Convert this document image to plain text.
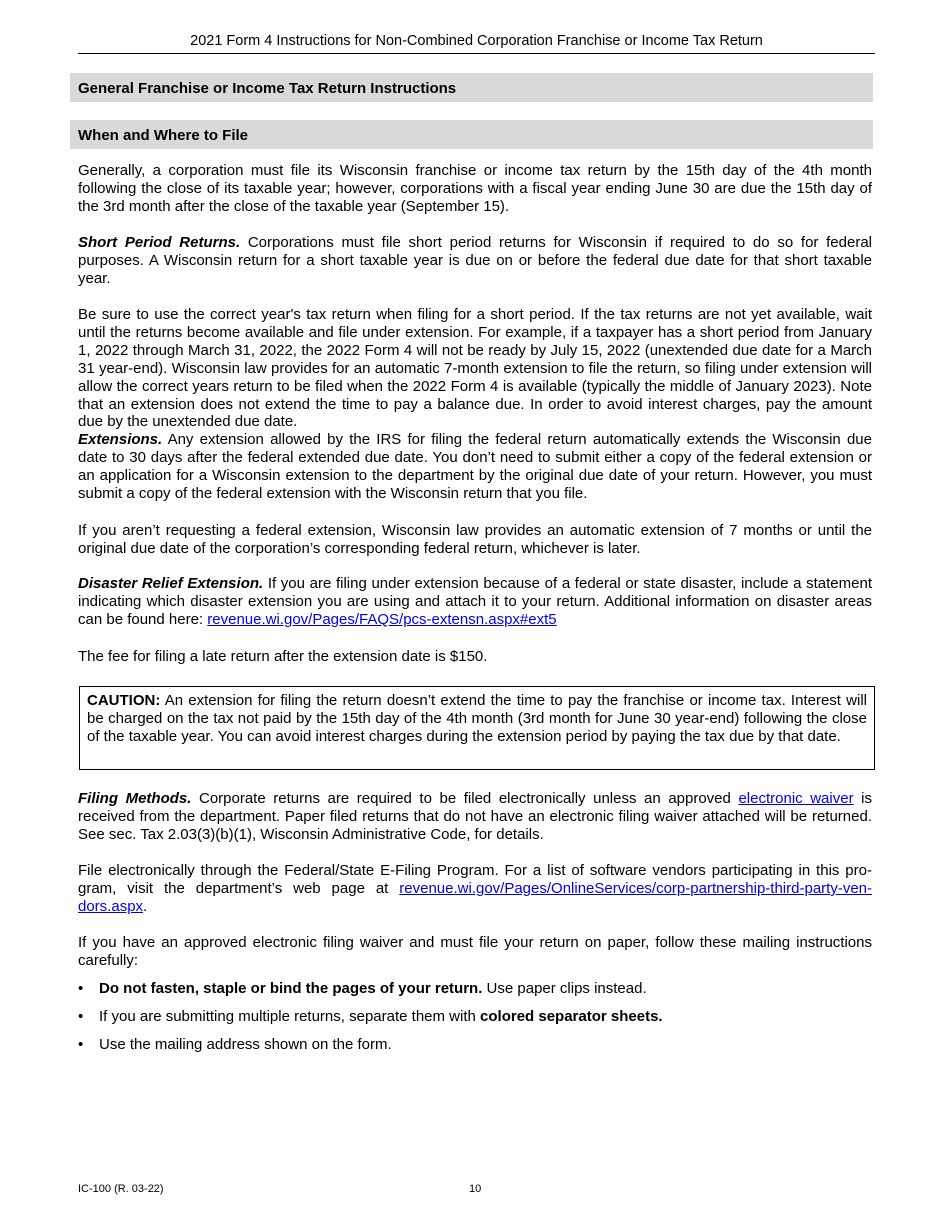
2021 Form 4 Instructions for Non-Combined Corporation Franchise or Income Tax Return
General Franchise or Income Tax Return Instructions
When and Where to File

Generally, a corporation must file its Wisconsin franchise or income tax return by the 15th day of the 4th month following the close of its taxable year; however, corporations with a fiscal year ending June 30 are due the 15th day of the 3rd month after the close of the taxable year (September 15).

Short Period Returns. Corporations must file short period returns for Wisconsin if required to do so for federal purposes. A Wisconsin return for a short taxable year is due on or before the federal due date for that short taxable year.

Be sure to use the correct year's tax return when filing for a short period. If the tax returns are not yet available, wait until the returns become available and file under extension. For example, if a taxpayer has a short period from January 1, 2022 through March 31, 2022, the 2022 Form 4 will not be ready by July 15, 2022 (unextended due date for a March 31 year-end). Wisconsin law provides for an automatic 7-month extension to file the return, so filing under extension will allow the correct years return to be filed when the 2022 Form 4 is available (typically the middle of January 2023). Note that an extension does not extend the time to pay a balance due. In order to avoid interest charges, pay the amount due by the unextended due date.

Extensions. Any extension allowed by the IRS for filing the federal return automatically extends the Wisconsin due date to 30 days after the federal extended due date. You don’t need to submit either a copy of the federal extension or an application for a Wisconsin extension to the department by the original due date of your return. However, you must submit a copy of the federal extension with the Wisconsin return that you file.

If you aren’t requesting a federal extension, Wisconsin law provides an automatic extension of 7 months or until the original due date of the corporation’s corresponding federal return, whichever is later.

Disaster Relief Extension. If you are filing under extension because of a federal or state disaster, include a statement indicating which disaster extension you are using and attach it to your return. Additional information on disaster areas can be found here: revenue.wi.gov/Pages/FAQS/pcs-extensn.aspx#ext5

The fee for filing a late return after the extension date is $150.

CAUTION: An extension for filing the return doesn’t extend the time to pay the franchise or income tax. Interest will be charged on the tax not paid by the 15th day of the 4th month (3rd month for June 30 year-end) following the close of the taxable year. You can avoid interest charges during the extension period by paying the tax due by that date.

Filing Methods. Corporate returns are required to be filed electronically unless an approved electronic waiver is received from the department. Paper filed returns that do not have an electronic filing waiver attached will be returned. See sec. Tax 2.03(3)(b)(1), Wisconsin Administrative Code, for details.

File electronically through the Federal/State E-Filing Program. For a list of software vendors participating in this program, visit the department’s web page at revenue.wi.gov/Pages/OnlineServices/corp-partnership-third-party-vendors.aspx.

If you have an approved electronic filing waiver and must file your return on paper, follow these mailing instructions carefully:

• Do not fasten, staple or bind the pages of your return. Use paper clips instead.
• If you are submitting multiple returns, separate them with colored separator sheets.
• Use the mailing address shown on the form.
IC-100 (R. 03-22)	10
